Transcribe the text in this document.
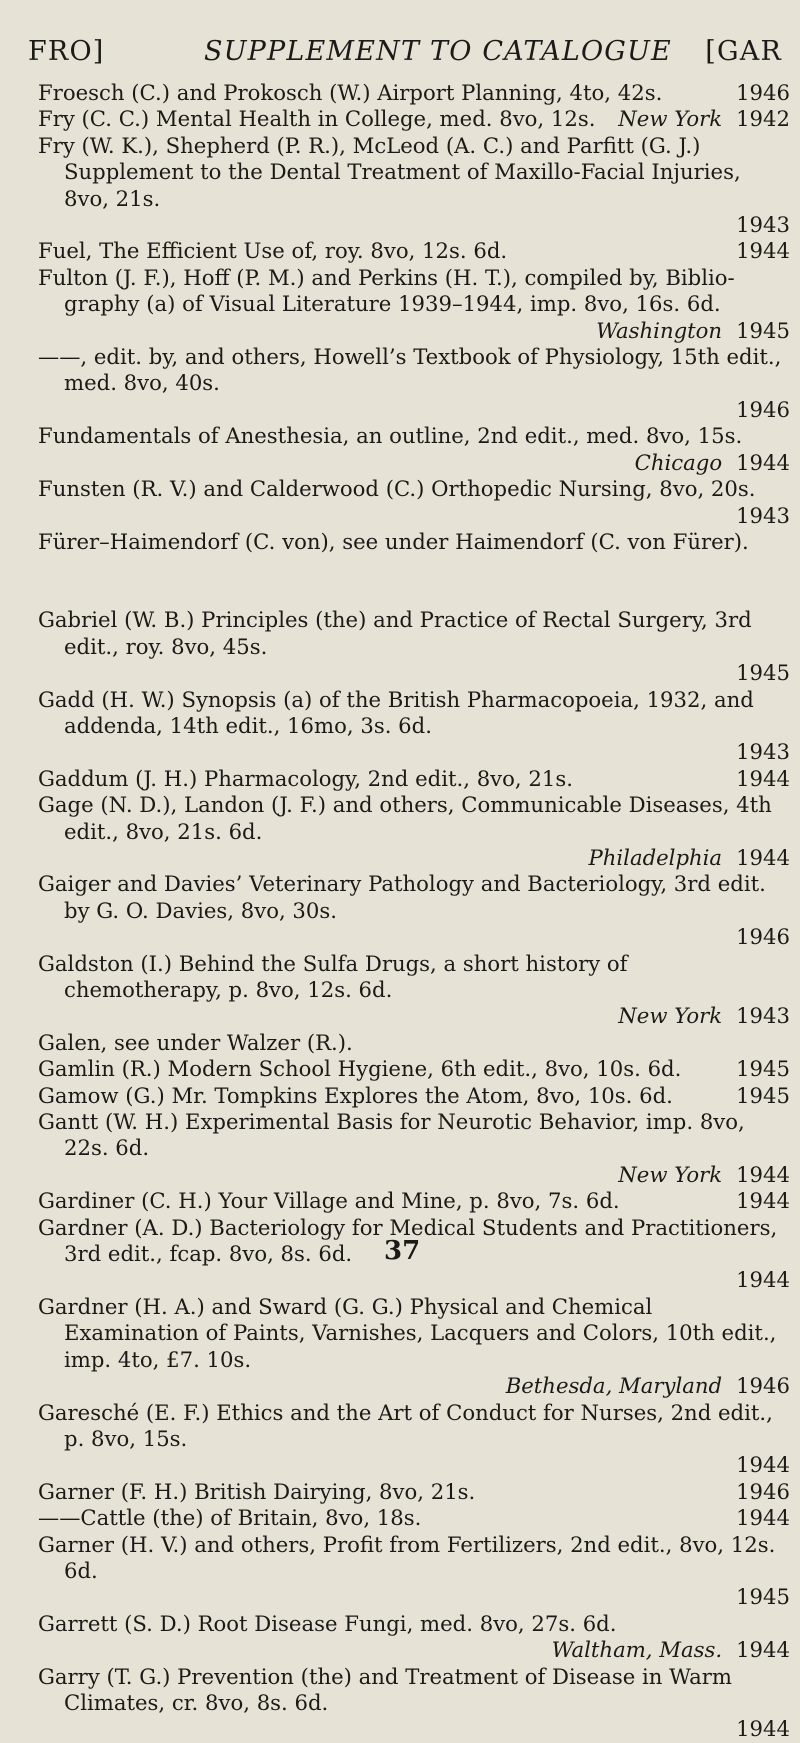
FRO]	SUPPLEMENT TO CATALOGUE [GAR
1946
Froesch (C.) and Prokosch (W.) Airport Planning, 4to, 42s.
New York 1942
Fry (C. C.) Mental Health in College, med. 8vo, 12s.
Fry (W. K.), Shepherd (P. R.), McLeod (A. C.) and Parfitt (G. J.) Supplement to the Dental Treatment of Maxillo-Facial Injuries, 8vo, 21s.
1943
1944
Fuel, The Efficient Use of, roy. 8vo, 12s. 6d.
Fulton (J. F.), Hoff (P. M.) and Perkins (H. T.), compiled by, Biblio-graphy (a) of Visual Literature 1939–1944, imp. 8vo, 16s. 6d.
Washington 1945
——, edit. by, and others, Howell’s Textbook of Physiology, 15th edit., med. 8vo, 40s.
1946
Fundamentals of Anesthesia, an outline, 2nd edit., med. 8vo, 15s.
Chicago 1944
Funsten (R. V.) and Calderwood (C.) Orthopedic Nursing, 8vo, 20s.
1943
Fürer–Haimendorf (C. von), see under Haimendorf (C. von Fürer).
Gabriel (W. B.) Principles (the) and Practice of Rectal Surgery, 3rd edit., roy. 8vo, 45s.
1945
Gadd (H. W.) Synopsis (a) of the British Pharmacopoeia, 1932, and addenda, 14th edit., 16mo, 3s. 6d.
1943
1944
Gaddum (J. H.) Pharmacology, 2nd edit., 8vo, 21s.
Gage (N. D.), Landon (J. F.) and others, Communicable Diseases, 4th edit., 8vo, 21s. 6d.
Philadelphia 1944
Gaiger and Davies’ Veterinary Pathology and Bacteriology, 3rd edit. by G. O. Davies, 8vo, 30s.
1946
Galdston (I.) Behind the Sulfa Drugs, a short history of chemotherapy, p. 8vo, 12s. 6d.
New York 1943
Galen, see under Walzer (R.).
1945
Gamlin (R.) Modern School Hygiene, 6th edit., 8vo, 10s. 6d.
1945
Gamow (G.) Mr. Tompkins Explores the Atom, 8vo, 10s. 6d.
Gantt (W. H.) Experimental Basis for Neurotic Behavior, imp. 8vo, 22s. 6d.
New York 1944
1944
Gardiner (C. H.) Your Village and Mine, p. 8vo, 7s. 6d.
Gardner (A. D.) Bacteriology for Medical Students and Practitioners, 3rd edit., fcap. 8vo, 8s. 6d.
1944
Gardner (H. A.) and Sward (G. G.) Physical and Chemical Examination of Paints, Varnishes, Lacquers and Colors, 10th edit., imp. 4to, £7. 10s.
Bethesda, Maryland 1946
Garesché (E. F.) Ethics and the Art of Conduct for Nurses, 2nd edit., p. 8vo, 15s.
1944
1946
Garner (F. H.) British Dairying, 8vo, 21s.
1944
——Cattle (the) of Britain, 8vo, 18s.
Garner (H. V.) and others, Profit from Fertilizers, 2nd edit., 8vo, 12s. 6d.
1945
Garrett (S. D.) Root Disease Fungi, med. 8vo, 27s. 6d.
Waltham, Mass. 1944
Garry (T. G.) Prevention (the) and Treatment of Disease in Warm Climates, cr. 8vo, 8s. 6d.
1944
37
